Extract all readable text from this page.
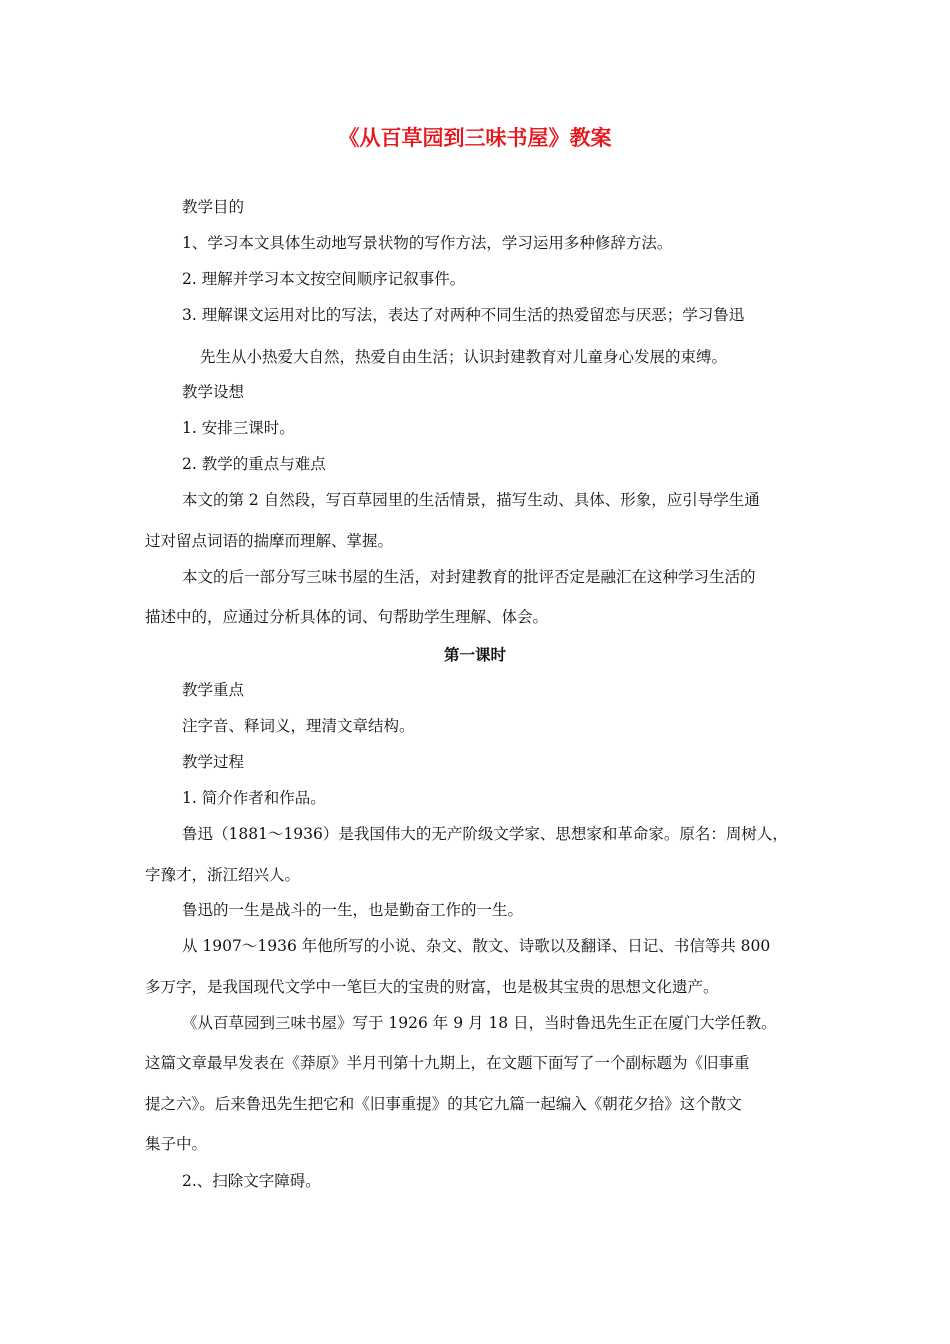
《从百草园到三味书屋》教案
教学目的
1、学习本文具体生动地写景状物的写作方法，学习运用多种修辞方法。
2. 理解并学习本文按空间顺序记叙事件。
3. 理解课文运用对比的写法，表达了对两种不同生活的热爱留恋与厌恶；学习鲁迅
先生从小热爱大自然，热爱自由生活；认识封建教育对儿童身心发展的束缚。
教学设想
1. 安排三课时。
2. 教学的重点与难点
本文的第 2 自然段，写百草园里的生活情景，描写生动、具体、形象，应引导学生通
过对留点词语的揣摩而理解、掌握。
本文的后一部分写三味书屋的生活，对封建教育的批评否定是融汇在这种学习生活的
描述中的，应通过分析具体的词、句帮助学生理解、体会。
第一课时
教学重点
注字音、释词义，理清文章结构。
教学过程
1. 简介作者和作品。
鲁迅（1881～1936）是我国伟大的无产阶级文学家、思想家和革命家。原名：周树人，
字豫才，浙江绍兴人。
鲁迅的一生是战斗的一生，也是勤奋工作的一生。
从 1907～1936 年他所写的小说、杂文、散文、诗歌以及翻译、日记、书信等共 800
多万字，是我国现代文学中一笔巨大的宝贵的财富，也是极其宝贵的思想文化遗产。
《从百草园到三味书屋》写于 1926 年 9 月 18 日，当时鲁迅先生正在厦门大学任教。
这篇文章最早发表在《莽原》半月刊第十九期上，在文题下面写了一个副标题为《旧事重
提之六》。后来鲁迅先生把它和《旧事重提》的其它九篇一起编入《朝花夕拾》这个散文
集子中。
2.、扫除文字障碍。
